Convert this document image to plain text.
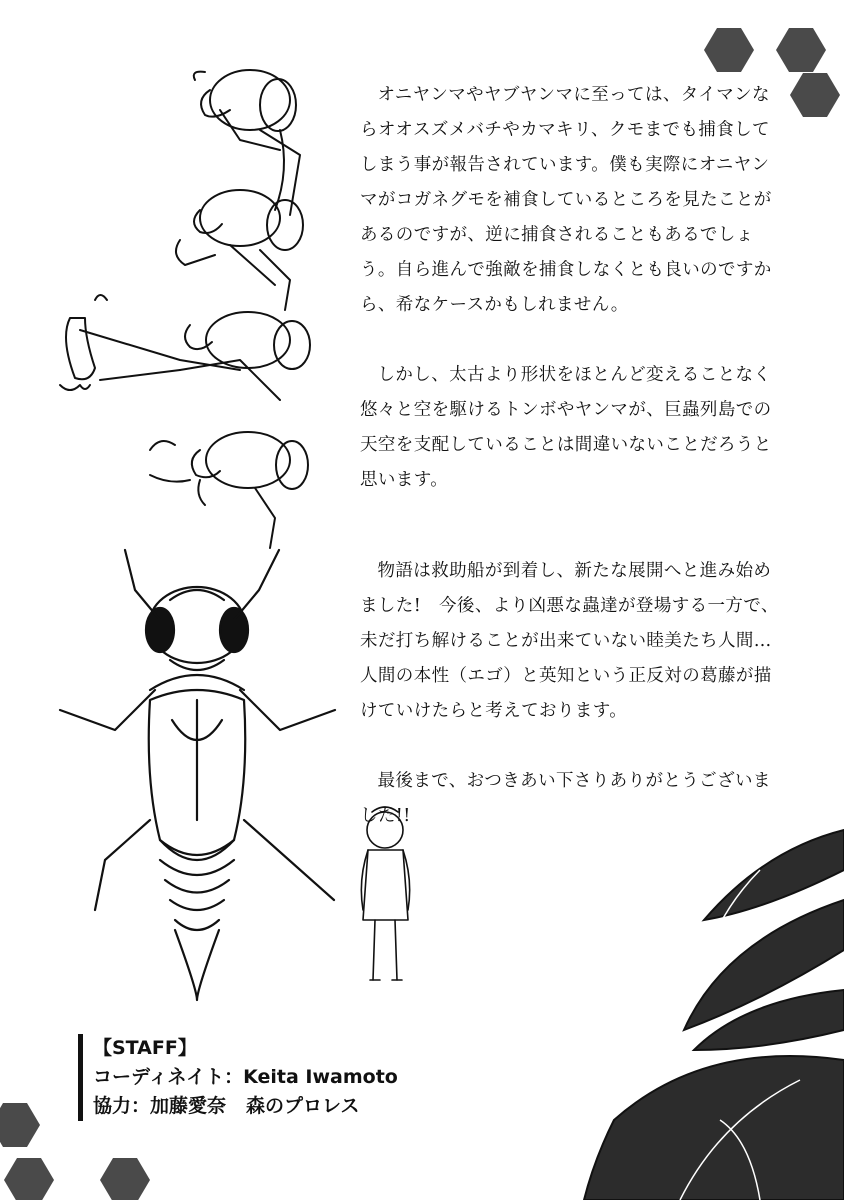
オニヤンマやヤブヤンマに至っては、タイマンならオオスズメバチやカマキリ、クモまでも捕食してしまう事が報告されています。僕も実際にオニヤンマがコガネグモを補食しているところを見たことがあるのですが、逆に捕食されることもあるでしょう。自ら進んで強敵を捕食しなくとも良いのですから、希なケースかもしれません。

しかし、太古より形状をほとんど変えることなく悠々と空を駆けるトンボやヤンマが、巨蟲列島での天空を支配していることは間違いないことだろうと思います。

物語は救助船が到着し、新たな展開へと進み始めました!　今後、より凶悪な蟲達が登場する一方で、未だ打ち解けることが出来ていない睦美たち人間…人間の本性（エゴ）と英知という正反対の葛藤が描けていけたらと考えております。

最後まで、おつきあい下さりありがとうございました!!

【STAFF】
コーディネイト：Keita Iwamoto
協力：加藤愛奈 森のプロレス
